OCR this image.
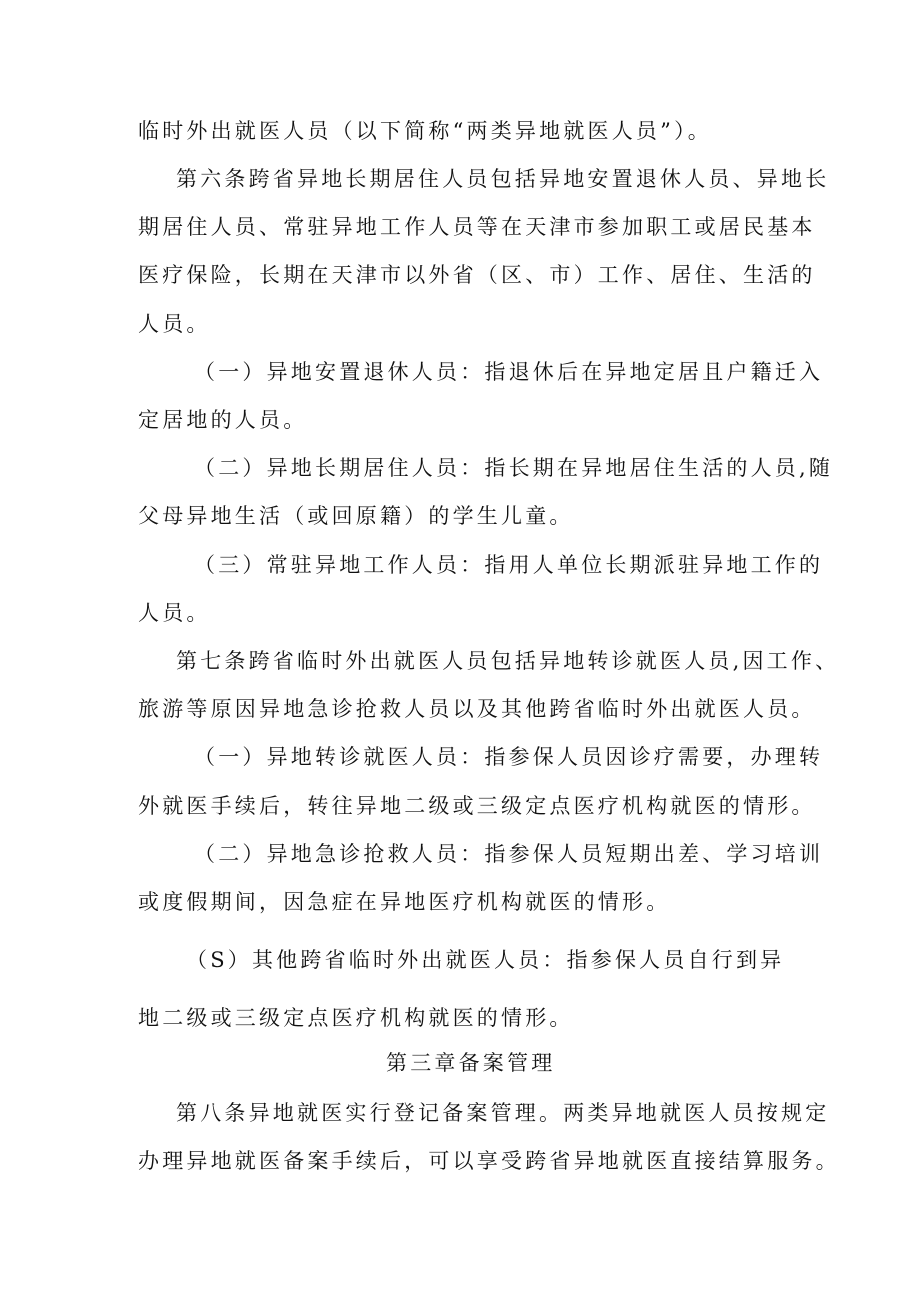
临时外出就医人员（以下简称“两类异地就医人员”）。
第六条跨省异地长期居住人员包括异地安置退休人员、异地长
期居住人员、常驻异地工作人员等在天津市参加职工或居民基本
医疗保险，长期在天津市以外省（区、市）工作、居住、生活的
人员。
（一）异地安置退休人员：指退休后在异地定居且户籍迁入
定居地的人员。
（二）异地长期居住人员：指长期在异地居住生活的人员,随
父母异地生活（或回原籍）的学生儿童。
（三）常驻异地工作人员：指用人单位长期派驻异地工作的
人员。
第七条跨省临时外出就医人员包括异地转诊就医人员,因工作、
旅游等原因异地急诊抢救人员以及其他跨省临时外出就医人员。
（一）异地转诊就医人员：指参保人员因诊疗需要，办理转
外就医手续后，转往异地二级或三级定点医疗机构就医的情形。
（二）异地急诊抢救人员：指参保人员短期出差、学习培训
或度假期间，因急症在异地医疗机构就医的情形。
（S）其他跨省临时外出就医人员：指参保人员自行到异
地二级或三级定点医疗机构就医的情形。
第三章备案管理
第八条异地就医实行登记备案管理。两类异地就医人员按规定
办理异地就医备案手续后，可以享受跨省异地就医直接结算服务。
